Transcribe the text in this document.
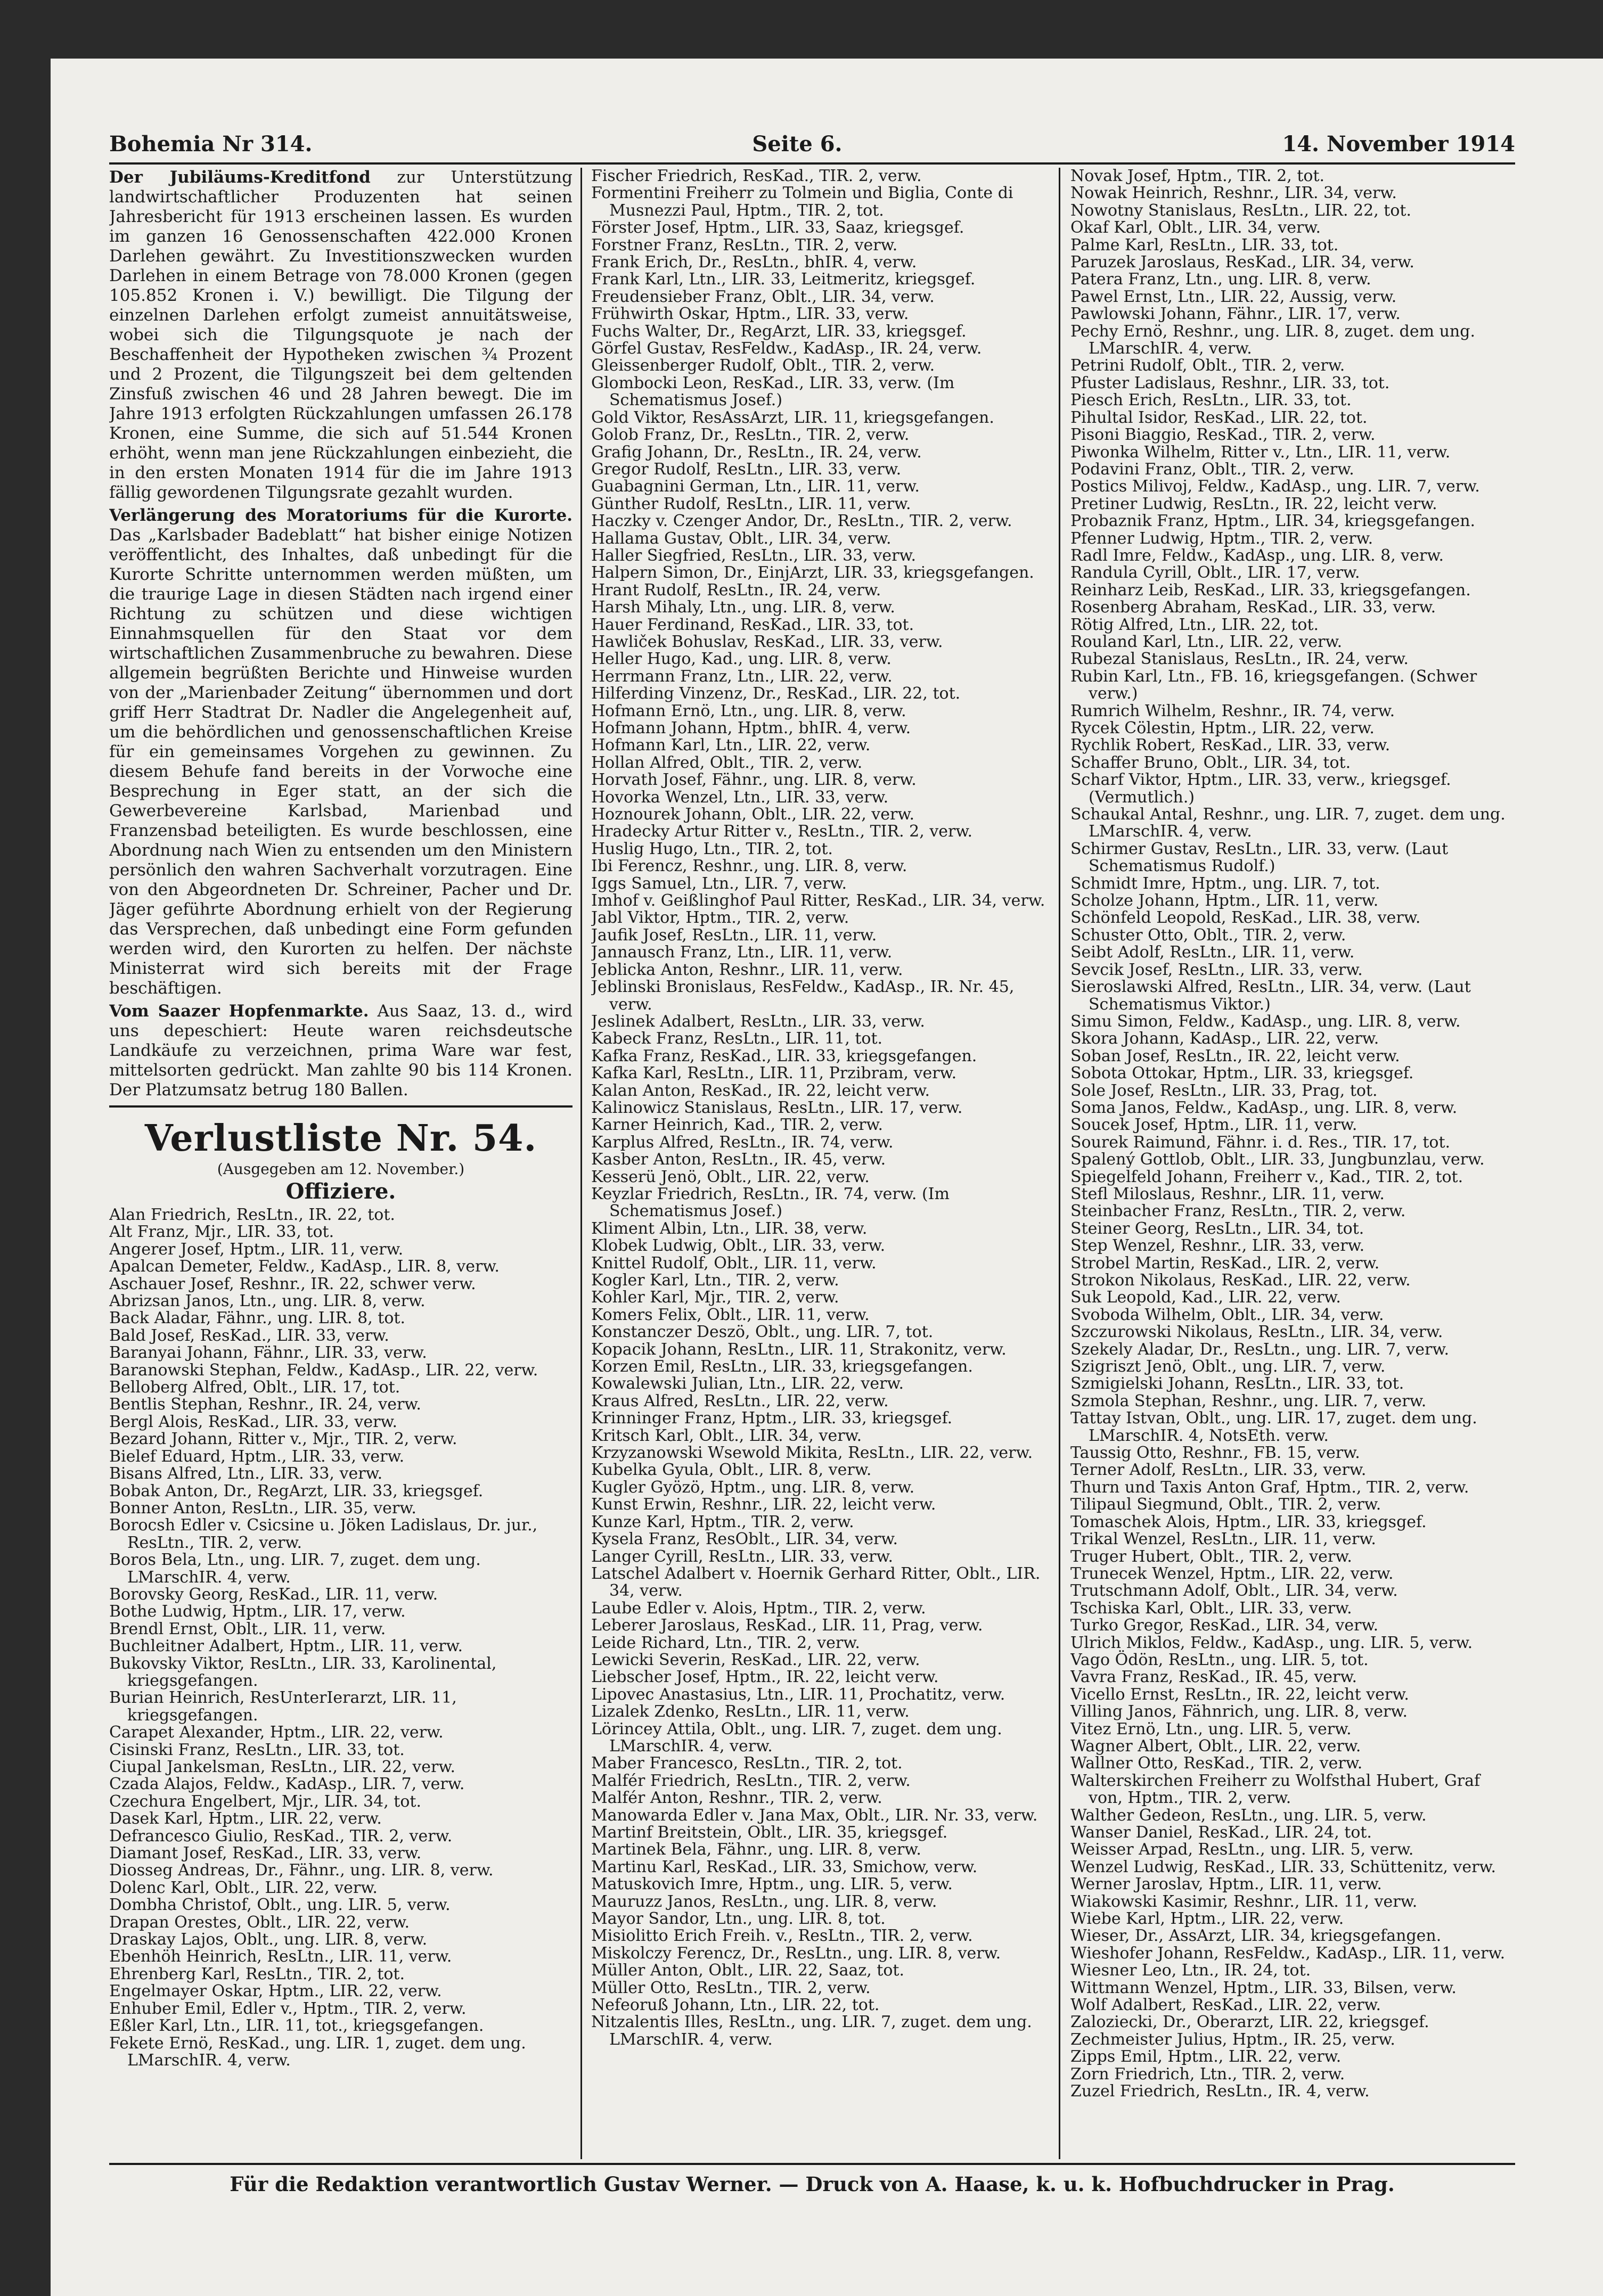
Bohemia Nr 314.	Seite 6.	14. November 1914

Der Jubiläums-Kreditfond zur Unterstützung landwirtschaftlicher Produzenten hat seinen Jahresbericht für 1913 erscheinen lassen. Es wurden im ganzen 16 Genossenschaften 422.000 Kronen Darlehen gewährt. Zu Investitionszwecken wurden Darlehen in einem Betrage von 78.000 Kronen (gegen 105.852 Kronen i. V.) bewilligt. Die Tilgung der einzelnen Darlehen erfolgt zumeist annuitätsweise, wobei sich die Tilgungsquote je nach der Beschaffenheit der Hypotheken zwischen ¾ Prozent und 2 Prozent, die Tilgungszeit bei dem geltenden Zinsfuß zwischen 46 und 28 Jahren bewegt. Die im Jahre 1913 erfolgten Rückzahlungen umfassen 26.178 Kronen, eine Summe, die sich auf 51.544 Kronen erhöht, wenn man jene Rückzahlungen einbezieht, die in den ersten Monaten 1914 für die im Jahre 1913 fällig gewordenen Tilgungsrate gezahlt wurden.

Verlängerung des Moratoriums für die Kurorte. Das „Karlsbader Badeblatt“ hat bisher einige Notizen veröffentlicht, des Inhaltes, daß unbedingt für die Kurorte Schritte unternommen werden müßten, um die traurige Lage in diesen Städten nach irgend einer Richtung zu schützen und diese wichtigen Einnahmsquellen für den Staat vor dem wirtschaftlichen Zusammenbruche zu bewahren. Diese allgemein begrüßten Berichte und Hinweise wurden von der „Marienbader Zeitung“ übernommen und dort griff Herr Stadtrat Dr. Nadler die Angelegenheit auf, um die behördlichen und genossenschaftlichen Kreise für ein gemeinsames Vorgehen zu gewinnen. Zu diesem Behufe fand bereits in der Vorwoche eine Besprechung in Eger statt, an der sich die Gewerbevereine Karlsbad, Marienbad und Franzensbad beteiligten. Es wurde beschlossen, eine Abordnung nach Wien zu entsenden um den Ministern persönlich den wahren Sachverhalt vorzutragen. Eine von den Abgeordneten Dr. Schreiner, Pacher und Dr. Jäger geführte Abordnung erhielt von der Regierung das Versprechen, daß unbedingt eine Form gefunden werden wird, den Kurorten zu helfen. Der nächste Ministerrat wird sich bereits mit der Frage beschäftigen.

Vom Saazer Hopfenmarkte. Aus Saaz, 13. d., wird uns depeschiert: Heute waren reichsdeutsche Landkäufe zu verzeichnen, prima Ware war fest, mittelsorten gedrückt. Man zahlte 90 bis 114 Kronen. Der Platzumsatz betrug 180 Ballen.

Verlustliste Nr. 54.

(Ausgegeben am 12. November.)

Offiziere.

Alan Friedrich, ResLtn., IR. 22, tot.

Alt Franz, Mjr., LIR. 33, tot.

Angerer Josef, Hptm., LIR. 11, verw.

Apalcan Demeter, Feldw., KadAsp., LIR. 8, verw.

Aschauer Josef, Reshnr., IR. 22, schwer verw.

Abrizsan Janos, Ltn., ung. LIR. 8, verw.

Back Aladar, Fähnr., ung. LIR. 8, tot.

Bald Josef, ResKad., LIR. 33, verw.

Baranyai Johann, Fähnr., LIR. 33, verw.

Baranowski Stephan, Feldw., KadAsp., LIR. 22, verw.

Belloberg Alfred, Oblt., LIR. 17, tot.

Bentlis Stephan, Reshnr., IR. 24, verw.

Bergl Alois, ResKad., LIR. 33, verw.

Bezard Johann, Ritter v., Mjr., TIR. 2, verw.

Bielef Eduard, Hptm., LIR. 33, verw.

Bisans Alfred, Ltn., LIR. 33, verw.

Bobak Anton, Dr., RegArzt, LIR. 33, kriegsgef.

Bonner Anton, ResLtn., LIR. 35, verw.

Borocsh Edler v. Csicsine u. Jöken Ladislaus, Dr. jur., ResLtn., TIR. 2, verw.

Boros Bela, Ltn., ung. LIR. 7, zuget. dem ung. LMarschIR. 4, verw.

Borovsky Georg, ResKad., LIR. 11, verw.

Bothe Ludwig, Hptm., LIR. 17, verw.

Brendl Ernst, Oblt., LIR. 11, verw.

Buchleitner Adalbert, Hptm., LIR. 11, verw.

Bukovsky Viktor, ResLtn., LIR. 33, Karolinental, kriegsgefangen.

Burian Heinrich, ResUnterIerarzt, LIR. 11, kriegsgefangen.

Carapet Alexander, Hptm., LIR. 22, verw.

Cisinski Franz, ResLtn., LIR. 33, tot.

Ciupal Jankelsman, ResLtn., LIR. 22, verw.

Czada Alajos, Feldw., KadAsp., LIR. 7, verw.

Czechura Engelbert, Mjr., LIR. 34, tot.

Dasek Karl, Hptm., LIR. 22, verw.

Defrancesco Giulio, ResKad., TIR. 2, verw.

Diamant Josef, ResKad., LIR. 33, verw.

Diosseg Andreas, Dr., Fähnr., ung. LIR. 8, verw.

Dolenc Karl, Oblt., LIR. 22, verw.

Dombha Christof, Oblt., ung. LIR. 5, verw.

Drapan Orestes, Oblt., LIR. 22, verw.

Draskay Lajos, Oblt., ung. LIR. 8, verw.

Ebenhöh Heinrich, ResLtn., LIR. 11, verw.

Ehrenberg Karl, ResLtn., TIR. 2, tot.

Engelmayer Oskar, Hptm., LIR. 22, verw.

Enhuber Emil, Edler v., Hptm., TIR. 2, verw.

Eßler Karl, Ltn., LIR. 11, tot., kriegsgefangen.

Fekete Ernö, ResKad., ung. LIR. 1, zuget. dem ung. LMarschIR. 4, verw.

Fischer Friedrich, ResKad., TIR. 2, verw.

Formentini Freiherr zu Tolmein und Biglia, Conte di Musnezzi Paul, Hptm., TIR. 2, tot.

Förster Josef, Hptm., LIR. 33, Saaz, kriegsgef.

Forstner Franz, ResLtn., TIR. 2, verw.

Frank Erich, Dr., ResLtn., bhIR. 4, verw.

Frank Karl, Ltn., LIR. 33, Leitmeritz, kriegsgef.

Freudensieber Franz, Oblt., LIR. 34, verw.

Frühwirth Oskar, Hptm., LIR. 33, verw.

Fuchs Walter, Dr., RegArzt, LIR. 33, kriegsgef.

Görfel Gustav, ResFeldw., KadAsp., IR. 24, verw.

Gleissenberger Rudolf, Oblt., TIR. 2, verw.

Glombocki Leon, ResKad., LIR. 33, verw. (Im Schematismus Josef.)

Gold Viktor, ResAssArzt, LIR. 11, kriegsgefangen.

Golob Franz, Dr., ResLtn., TIR. 2, verw.

Grafig Johann, Dr., ResLtn., IR. 24, verw.

Gregor Rudolf, ResLtn., LIR. 33, verw.

Guabagnini German, Ltn., LIR. 11, verw.

Günther Rudolf, ResLtn., LIR. 11, verw.

Haczky v. Czenger Andor, Dr., ResLtn., TIR. 2, verw.

Hallama Gustav, Oblt., LIR. 34, verw.

Haller Siegfried, ResLtn., LIR. 33, verw.

Halpern Simon, Dr., EinjArzt, LIR. 33, kriegsgefangen.

Hrant Rudolf, ResLtn., IR. 24, verw.

Harsh Mihaly, Ltn., ung. LIR. 8, verw.

Hauer Ferdinand, ResKad., LIR. 33, tot.

Hawliček Bohuslav, ResKad., LIR. 33, verw.

Heller Hugo, Kad., ung. LIR. 8, verw.

Herrmann Franz, Ltn., LIR. 22, verw.

Hilferding Vinzenz, Dr., ResKad., LIR. 22, tot.

Hofmann Ernö, Ltn., ung. LIR. 8, verw.

Hofmann Johann, Hptm., bhIR. 4, verw.

Hofmann Karl, Ltn., LIR. 22, verw.

Hollan Alfred, Oblt., TIR. 2, verw.

Horvath Josef, Fähnr., ung. LIR. 8, verw.

Hovorka Wenzel, Ltn., LIR. 33, verw.

Hoznourek Johann, Oblt., LIR. 22, verw.

Hradecky Artur Ritter v., ResLtn., TIR. 2, verw.

Huslig Hugo, Ltn., TIR. 2, tot.

Ibi Ferencz, Reshnr., ung. LIR. 8, verw.

Iggs Samuel, Ltn., LIR. 7, verw.

Imhof v. Geißlinghof Paul Ritter, ResKad., LIR. 34, verw.

Jabl Viktor, Hptm., TIR. 2, verw.

Jaufik Josef, ResLtn., LIR. 11, verw.

Jannausch Franz, Ltn., LIR. 11, verw.

Jeblicka Anton, Reshnr., LIR. 11, verw.

Jeblinski Bronislaus, ResFeldw., KadAsp., IR. Nr. 45, verw.

Jeslinek Adalbert, ResLtn., LIR. 33, verw.

Kabeck Franz, ResLtn., LIR. 11, tot.

Kafka Franz, ResKad., LIR. 33, kriegsgefangen.

Kafka Karl, ResLtn., LIR. 11, Przibram, verw.

Kalan Anton, ResKad., IR. 22, leicht verw.

Kalinowicz Stanislaus, ResLtn., LIR. 17, verw.

Karner Heinrich, Kad., TIR. 2, verw.

Karplus Alfred, ResLtn., IR. 74, verw.

Kasber Anton, ResLtn., IR. 45, verw.

Kesserü Jenö, Oblt., LIR. 22, verw.

Keyzlar Friedrich, ResLtn., IR. 74, verw. (Im Schematismus Josef.)

Kliment Albin, Ltn., LIR. 38, verw.

Klobek Ludwig, Oblt., LIR. 33, verw.

Knittel Rudolf, Oblt., LIR. 11, verw.

Kogler Karl, Ltn., TIR. 2, verw.

Kohler Karl, Mjr., TIR. 2, verw.

Komers Felix, Oblt., LIR. 11, verw.

Konstanczer Deszö, Oblt., ung. LIR. 7, tot.

Kopacik Johann, ResLtn., LIR. 11, Strakonitz, verw.

Korzen Emil, ResLtn., LIR. 33, kriegsgefangen.

Kowalewski Julian, Ltn., LIR. 22, verw.

Kraus Alfred, ResLtn., LIR. 22, verw.

Krinninger Franz, Hptm., LIR. 33, kriegsgef.

Kritsch Karl, Oblt., LIR. 34, verw.

Krzyzanowski Wsewold Mikita, ResLtn., LIR. 22, verw.

Kubelka Gyula, Oblt., LIR. 8, verw.

Kugler Gyözö, Hptm., ung. LIR. 8, verw.

Kunst Erwin, Reshnr., LIR. 22, leicht verw.

Kunze Karl, Hptm., TIR. 2, verw.

Kysela Franz, ResOblt., LIR. 34, verw.

Langer Cyrill, ResLtn., LIR. 33, verw.

Latschel Adalbert v. Hoernik Gerhard Ritter, Oblt., LIR. 34, verw.

Laube Edler v. Alois, Hptm., TIR. 2, verw.

Leberer Jaroslaus, ResKad., LIR. 11, Prag, verw.

Leide Richard, Ltn., TIR. 2, verw.

Lewicki Severin, ResKad., LIR. 22, verw.

Liebscher Josef, Hptm., IR. 22, leicht verw.

Lipovec Anastasius, Ltn., LIR. 11, Prochatitz, verw.

Lizalek Zdenko, ResLtn., LIR. 11, verw.

Lörincey Attila, Oblt., ung. LIR. 7, zuget. dem ung. LMarschIR. 4, verw.

Maber Francesco, ResLtn., TIR. 2, tot.

Malfér Friedrich, ResLtn., TIR. 2, verw.

Malfér Anton, Reshnr., TIR. 2, verw.

Manowarda Edler v. Jana Max, Oblt., LIR. Nr. 33, verw.

Martinf Breitstein, Oblt., LIR. 35, kriegsgef.

Martinek Bela, Fähnr., ung. LIR. 8, verw.

Martinu Karl, ResKad., LIR. 33, Smichow, verw.

Matuskovich Imre, Hptm., ung. LIR. 5, verw.

Mauruzz Janos, ResLtn., ung. LIR. 8, verw.

Mayor Sandor, Ltn., ung. LIR. 8, tot.

Misiolitto Erich Freih. v., ResLtn., TIR. 2, verw.

Miskolczy Ferencz, Dr., ResLtn., ung. LIR. 8, verw.

Müller Anton, Oblt., LIR. 22, Saaz, tot.

Müller Otto, ResLtn., TIR. 2, verw.

Nefeoruß Johann, Ltn., LIR. 22, tot.

Nitzalentis Illes, ResLtn., ung. LIR. 7, zuget. dem ung. LMarschIR. 4, verw.

Novak Josef, Hptm., TIR. 2, tot.

Nowak Heinrich, Reshnr., LIR. 34, verw.

Nowotny Stanislaus, ResLtn., LIR. 22, tot.

Okaf Karl, Oblt., LIR. 34, verw.

Palme Karl, ResLtn., LIR. 33, tot.

Paruzek Jaroslaus, ResKad., LIR. 34, verw.

Patera Franz, Ltn., ung. LIR. 8, verw.

Pawel Ernst, Ltn., LIR. 22, Aussig, verw.

Pawlowski Johann, Fähnr., LIR. 17, verw.

Pechy Ernö, Reshnr., ung. LIR. 8, zuget. dem ung. LMarschIR. 4, verw.

Petrini Rudolf, Oblt., TIR. 2, verw.

Pfuster Ladislaus, Reshnr., LIR. 33, tot.

Piesch Erich, ResLtn., LIR. 33, tot.

Pihultal Isidor, ResKad., LIR. 22, tot.

Pisoni Biaggio, ResKad., TIR. 2, verw.

Piwonka Wilhelm, Ritter v., Ltn., LIR. 11, verw.

Podavini Franz, Oblt., TIR. 2, verw.

Postics Milivoj, Feldw., KadAsp., ung. LIR. 7, verw.

Pretiner Ludwig, ResLtn., IR. 22, leicht verw.

Probaznik Franz, Hptm., LIR. 34, kriegsgefangen.

Pfenner Ludwig, Hptm., TIR. 2, verw.

Radl Imre, Feldw., KadAsp., ung. LIR. 8, verw.

Randula Cyrill, Oblt., LIR. 17, verw.

Reinharz Leib, ResKad., LIR. 33, kriegsgefangen.

Rosenberg Abraham, ResKad., LIR. 33, verw.

Rötig Alfred, Ltn., LIR. 22, tot.

Rouland Karl, Ltn., LIR. 22, verw.

Rubezal Stanislaus, ResLtn., IR. 24, verw.

Rubin Karl, Ltn., FB. 16, kriegsgefangen. (Schwer verw.)

Rumrich Wilhelm, Reshnr., IR. 74, verw.

Rycek Cölestin, Hptm., LIR. 22, verw.

Rychlik Robert, ResKad., LIR. 33, verw.

Schaffer Bruno, Oblt., LIR. 34, tot.

Scharf Viktor, Hptm., LIR. 33, verw., kriegsgef. (Vermutlich.)

Schaukal Antal, Reshnr., ung. LIR. 7, zuget. dem ung. LMarschIR. 4, verw.

Schirmer Gustav, ResLtn., LIR. 33, verw. (Laut Schematismus Rudolf.)

Schmidt Imre, Hptm., ung. LIR. 7, tot.

Scholze Johann, Hptm., LIR. 11, verw.

Schönfeld Leopold, ResKad., LIR. 38, verw.

Schuster Otto, Oblt., TIR. 2, verw.

Seibt Adolf, ResLtn., LIR. 11, verw.

Sevcik Josef, ResLtn., LIR. 33, verw.

Sieroslawski Alfred, ResLtn., LIR. 34, verw. (Laut Schematismus Viktor.)

Simu Simon, Feldw., KadAsp., ung. LIR. 8, verw.

Skora Johann, KadAsp., LIR. 22, verw.

Soban Josef, ResLtn., IR. 22, leicht verw.

Sobota Ottokar, Hptm., LIR. 33, kriegsgef.

Sole Josef, ResLtn., LIR. 33, Prag, tot.

Soma Janos, Feldw., KadAsp., ung. LIR. 8, verw.

Soucek Josef, Hptm., LIR. 11, verw.

Sourek Raimund, Fähnr. i. d. Res., TIR. 17, tot.

Spalený Gottlob, Oblt., LIR. 33, Jungbunzlau, verw.

Spiegelfeld Johann, Freiherr v., Kad., TIR. 2, tot.

Stefl Miloslaus, Reshnr., LIR. 11, verw.

Steinbacher Franz, ResLtn., TIR. 2, verw.

Steiner Georg, ResLtn., LIR. 34, tot.

Step Wenzel, Reshnr., LIR. 33, verw.

Strobel Martin, ResKad., LIR. 2, verw.

Strokon Nikolaus, ResKad., LIR. 22, verw.

Suk Leopold, Kad., LIR. 22, verw.

Svoboda Wilhelm, Oblt., LIR. 34, verw.

Szczurowski Nikolaus, ResLtn., LIR. 34, verw.

Szekely Aladar, Dr., ResLtn., ung. LIR. 7, verw.

Szigriszt Jenö, Oblt., ung. LIR. 7, verw.

Szmigielski Johann, ResLtn., LIR. 33, tot.

Szmola Stephan, Reshnr., ung. LIR. 7, verw.

Tattay Istvan, Oblt., ung. LIR. 17, zuget. dem ung. LMarschIR. 4, NotsEth. verw.

Taussig Otto, Reshnr., FB. 15, verw.

Terner Adolf, ResLtn., LIR. 33, verw.

Thurn und Taxis Anton Graf, Hptm., TIR. 2, verw.

Tilipaul Siegmund, Oblt., TIR. 2, verw.

Tomaschek Alois, Hptm., LIR. 33, kriegsgef.

Trikal Wenzel, ResLtn., LIR. 11, verw.

Truger Hubert, Oblt., TIR. 2, verw.

Trunecek Wenzel, Hptm., LIR. 22, verw.

Trutschmann Adolf, Oblt., LIR. 34, verw.

Tschiska Karl, Oblt., LIR. 33, verw.

Turko Gregor, ResKad., LIR. 34, verw.

Ulrich Miklos, Feldw., KadAsp., ung. LIR. 5, verw.

Vago Ödön, ResLtn., ung. LIR. 5, tot.

Vavra Franz, ResKad., IR. 45, verw.

Vicello Ernst, ResLtn., IR. 22, leicht verw.

Villing Janos, Fähnrich, ung. LIR. 8, verw.

Vitez Ernö, Ltn., ung. LIR. 5, verw.

Wagner Albert, Oblt., LIR. 22, verw.

Wallner Otto, ResKad., TIR. 2, verw.

Walterskirchen Freiherr zu Wolfsthal Hubert, Graf von, Hptm., TIR. 2, verw.

Walther Gedeon, ResLtn., ung. LIR. 5, verw.

Wanser Daniel, ResKad., LIR. 24, tot.

Weisser Arpad, ResLtn., ung. LIR. 5, verw.

Wenzel Ludwig, ResKad., LIR. 33, Schüttenitz, verw.

Werner Jaroslav, Hptm., LIR. 11, verw.

Wiakowski Kasimir, Reshnr., LIR. 11, verw.

Wiebe Karl, Hptm., LIR. 22, verw.

Wieser, Dr., AssArzt, LIR. 34, kriegsgefangen.

Wieshofer Johann, ResFeldw., KadAsp., LIR. 11, verw.

Wiesner Leo, Ltn., IR. 24, tot.

Wittmann Wenzel, Hptm., LIR. 33, Bilsen, verw.

Wolf Adalbert, ResKad., LIR. 22, verw.

Zaloziecki, Dr., Oberarzt, LIR. 22, kriegsgef.

Zechmeister Julius, Hptm., IR. 25, verw.

Zipps Emil, Hptm., LIR. 22, verw.

Zorn Friedrich, Ltn., TIR. 2, verw.

Zuzel Friedrich, ResLtn., IR. 4, verw.

Für die Redaktion verantwortlich Gustav Werner. — Druck von A. Haase, k. u. k. Hofbuchdrucker in Prag.
